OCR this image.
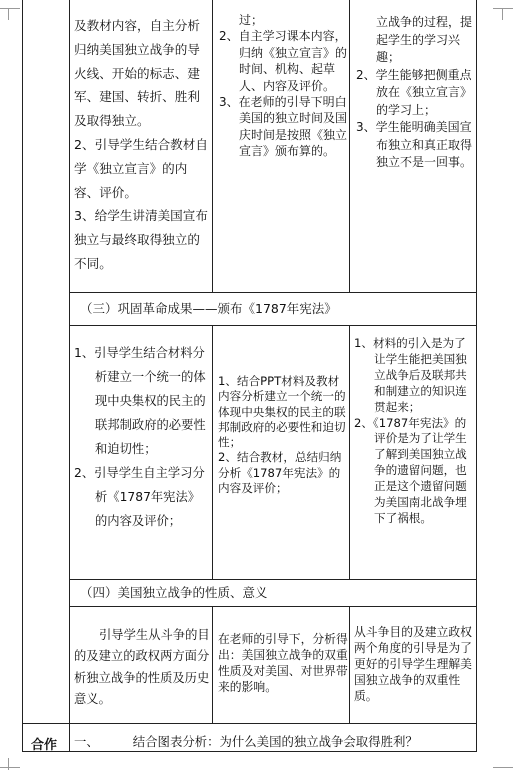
及教材内容，自主分析归纳美国独立战争的导火线、开始的标志、建军、建国、转折、胜利及取得独立。

2、引导学生结合教材自学《独立宣言》的内容、评价。

3、给学生讲清美国宣布独立与最终取得独立的不同。

过；

2、自主学习课本内容，归纳《独立宣言》的时间、机构、起草人、内容及评价。

3、在老师的引导下明白美国的独立时间及国庆时间是按照《独立宣言》颁布算的。

立战争的过程，提起学生的学习兴趣；

2、学生能够把侧重点放在《独立宣言》的学习上；

3、学生能明确美国宣布独立和真正取得独立不是一回事。

（三）巩固革命成果——颁布《1787年宪法》

1、引导学生结合材料分析建立一个统一的体现中央集权的民主的联邦制政府的必要性和迫切性；

2、引导学生自主学习分析《1787年宪法》的内容及评价；

1、结合PPT材料及教材内容分析建立一个统一的体现中央集权的民主的联邦制政府的必要性和迫切性；

2、结合教材，总结归纳分析《1787年宪法》的内容及评价；

1、材料的引入是为了让学生能把美国独立战争后及联邦共和制建立的知识连贯起来；

2、《1787年宪法》的评价是为了让学生了解到美国独立战争的遗留问题，也正是这个遗留问题为美国南北战争埋下了祸根。

（四）美国独立战争的性质、意义
引导学生从斗争的目的及建立的政权两方面分析独立战争的性质及历史意义。
在老师的引导下，分析得出：美国独立战争的双重性质及对美国、对世界带来的影响。
从斗争目的及建立政权两个角度的引导是为了更好的引导学生理解美国独立战争的双重性质。
合作 一、	结合图表分析：为什么美国的独立战争会取得胜利？
